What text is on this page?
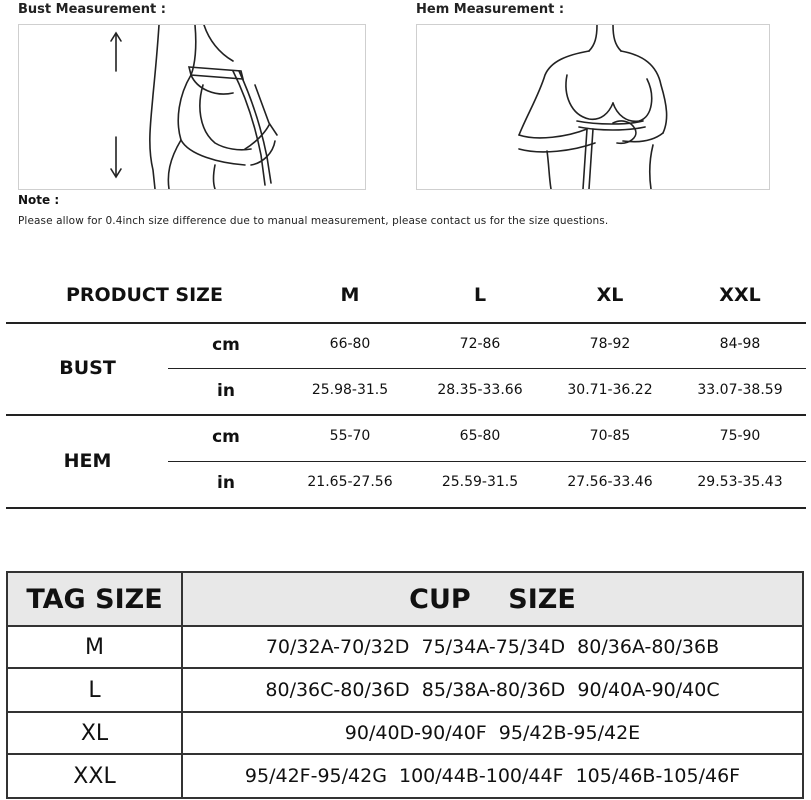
Bust Measurement :	Hem Measurement :
Note :
Please allow for 0.4inch size difference due to manual measurement, please contact us for the size questions.
PRODUCT SIZE	M	L	XL	XXL
BUST
cm	66-80	72-86	78-92	84-98
in	25.98-31.5	28.35-33.66	30.71-36.22	33.07-38.59
HEM
cm	55-70	65-80	70-85	75-90
in	21.65-27.56	25.59-31.5	27.56-33.46	29.53-35.43
TAG SIZE	CUP    SIZE
M	70/32A-70/32D  75/34A-75/34D  80/36A-80/36B
L	80/36C-80/36D  85/38A-80/36D  90/40A-90/40C
XL	90/40D-90/40F  95/42B-95/42E
XXL	95/42F-95/42G  100/44B-100/44F  105/46B-105/46F
